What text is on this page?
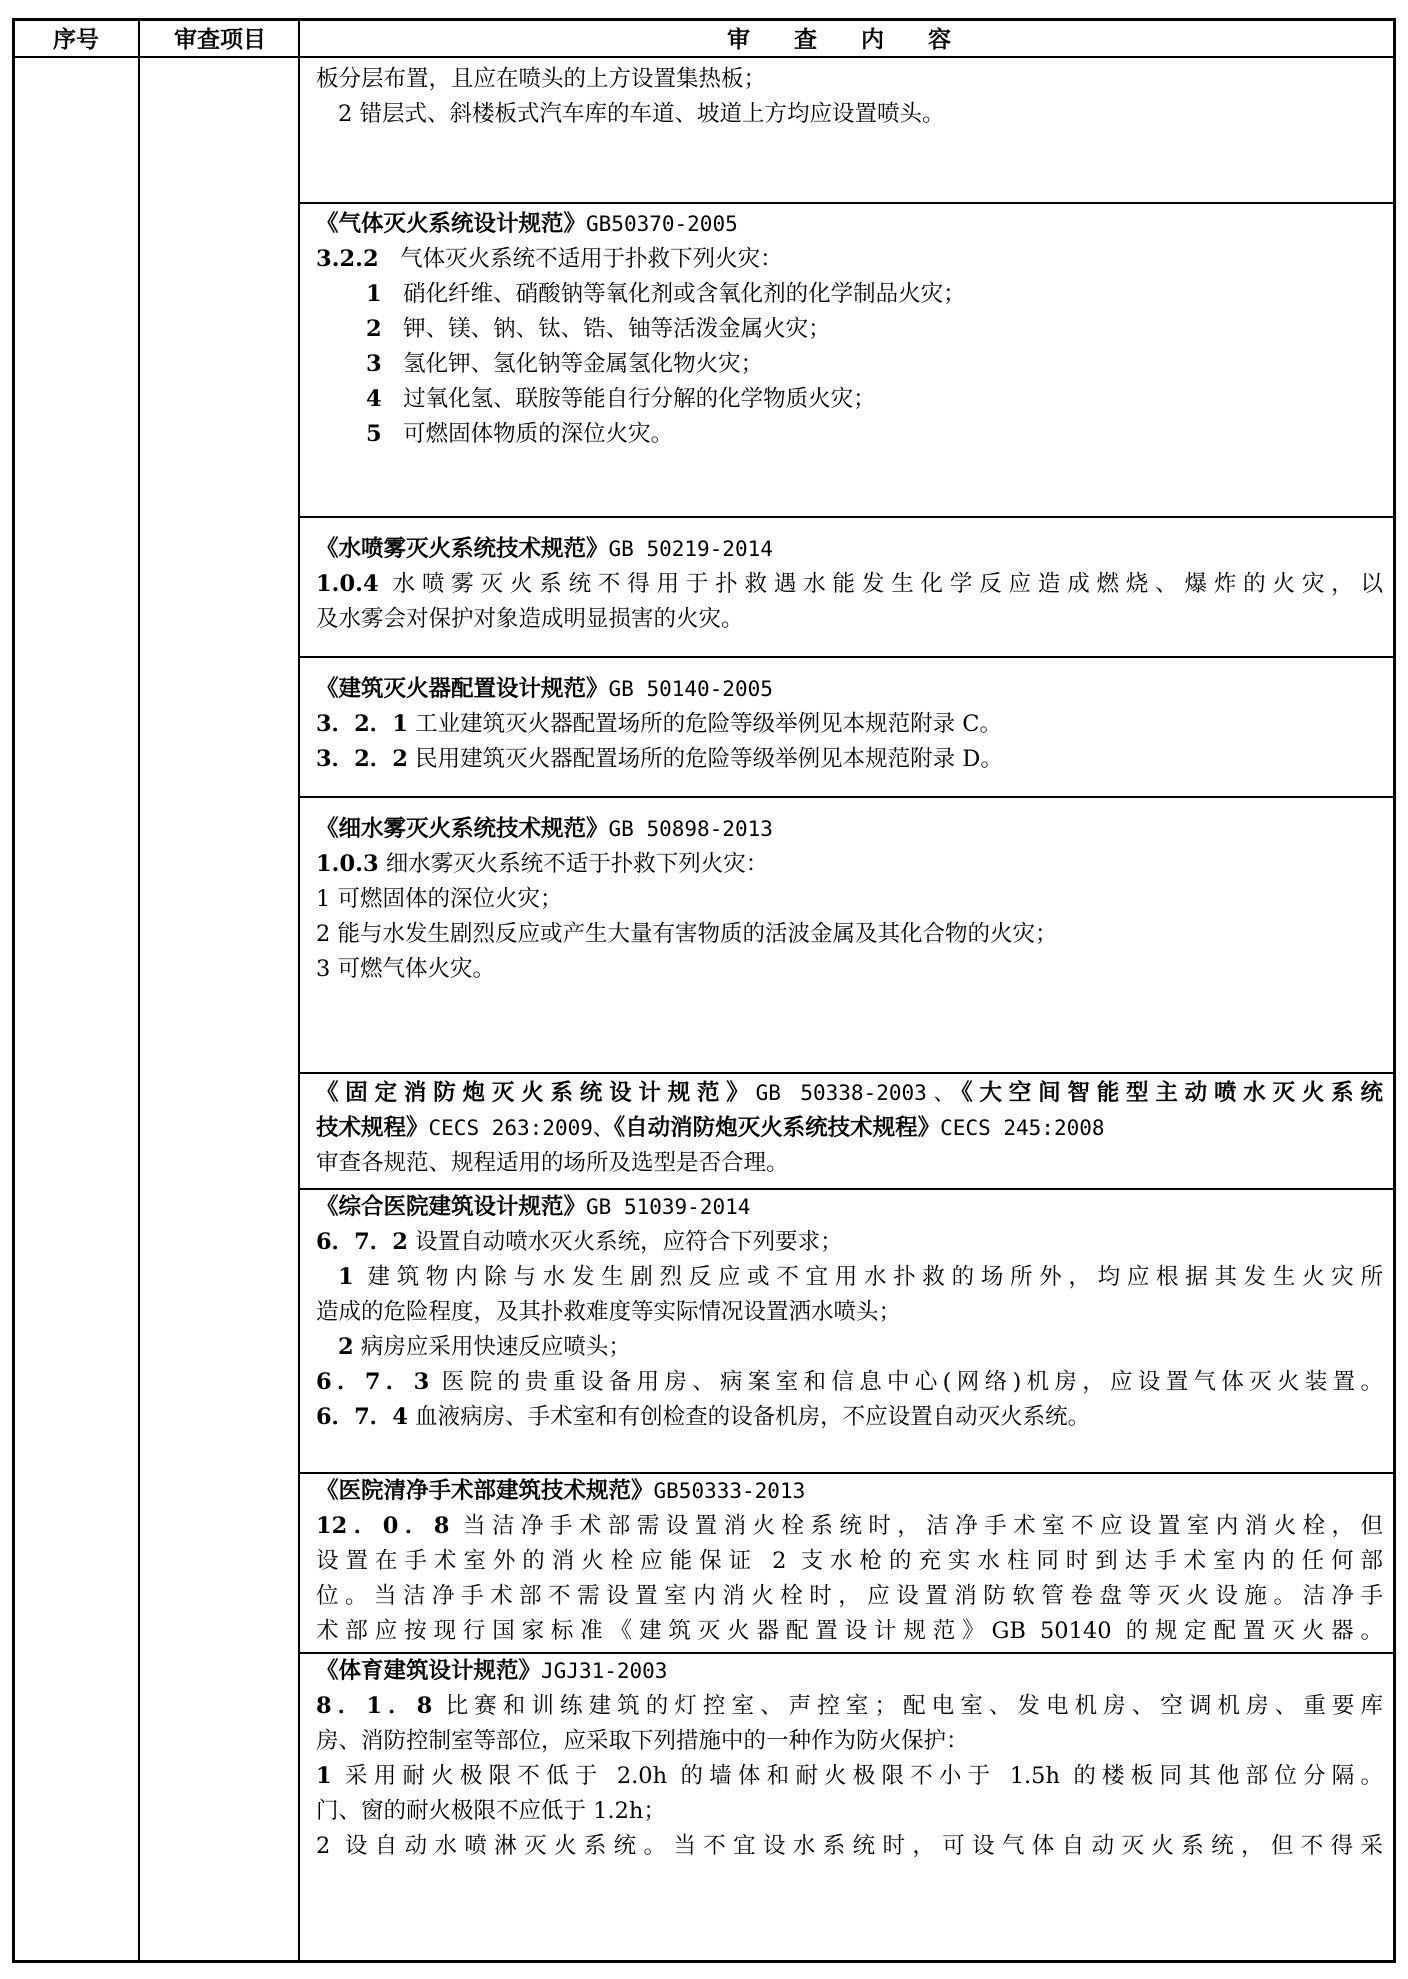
序号	审查项目	审 查 内 容
板分层布置，且应在喷头的上方设置集热板；
2 错层式、斜楼板式汽车库的车道、坡道上方均应设置喷头。
《气体灭火系统设计规范》GB50370-2005
3.2.2 气体灭火系统不适用于扑救下列火灾：
1 硝化纤维、硝酸钠等氧化剂或含氧化剂的化学制品火灾；
2 钾、镁、钠、钛、锆、铀等活泼金属火灾；
3 氢化钾、氢化钠等金属氢化物火灾；
4 过氧化氢、联胺等能自行分解的化学物质火灾；
5 可燃固体物质的深位火灾。
《水喷雾灭火系统技术规范》GB 50219-2014
1.0.4 水喷雾灭火系统不得用于扑救遇水能发生化学反应造成燃烧、爆炸的火灾，以
及水雾会对保护对象造成明显损害的火灾。
《建筑灭火器配置设计规范》GB 50140-2005
3．2．1 工业建筑灭火器配置场所的危险等级举例见本规范附录 C。
3．2．2 民用建筑灭火器配置场所的危险等级举例见本规范附录 D。
《细水雾灭火系统技术规范》GB 50898-2013
1.0.3 细水雾灭火系统不适于扑救下列火灾：
1 可燃固体的深位火灾；
2 能与水发生剧烈反应或产生大量有害物质的活波金属及其化合物的火灾；
3 可燃气体火灾。
《固定消防炮灭火系统设计规范》GB 50338-2003、《大空间智能型主动喷水灭火系统
技术规程》CECS 263:2009、《自动消防炮灭火系统技术规程》CECS 245:2008
审查各规范、规程适用的场所及选型是否合理。
《综合医院建筑设计规范》GB 51039-2014
6．7．2 设置自动喷水灭火系统，应符合下列要求；
1 建筑物内除与水发生剧烈反应或不宜用水扑救的场所外，均应根据其发生火灾所
造成的危险程度，及其扑救难度等实际情况设置洒水喷头；
2 病房应采用快速反应喷头；
6．7．3 医院的贵重设备用房、病案室和信息中心(网络)机房，应设置气体灭火装置。
6．7．4 血液病房、手术室和有创检查的设备机房，不应设置自动灭火系统。
《医院清净手术部建筑技术规范》GB50333-2013
12．0．8 当洁净手术部需设置消火栓系统时，洁净手术室不应设置室内消火栓，但
设置在手术室外的消火栓应能保证 2 支水枪的充实水柱同时到达手术室内的任何部
位。当洁净手术部不需设置室内消火栓时，应设置消防软管卷盘等灭火设施。洁净手
术部应按现行国家标准《建筑灭火器配置设计规范》GB 50140 的规定配置灭火器。
《体育建筑设计规范》JGJ31-2003
8．1．8 比赛和训练建筑的灯控室、声控室；配电室、发电机房、空调机房、重要库
房、消防控制室等部位，应采取下列措施中的一种作为防火保护：
1 采用耐火极限不低于 2.0h 的墙体和耐火极限不小于 1.5h 的楼板同其他部位分隔。
门、窗的耐火极限不应低于 1.2h；
2 设自动水喷淋灭火系统。当不宜设水系统时，可设气体自动灭火系统，但不得采
